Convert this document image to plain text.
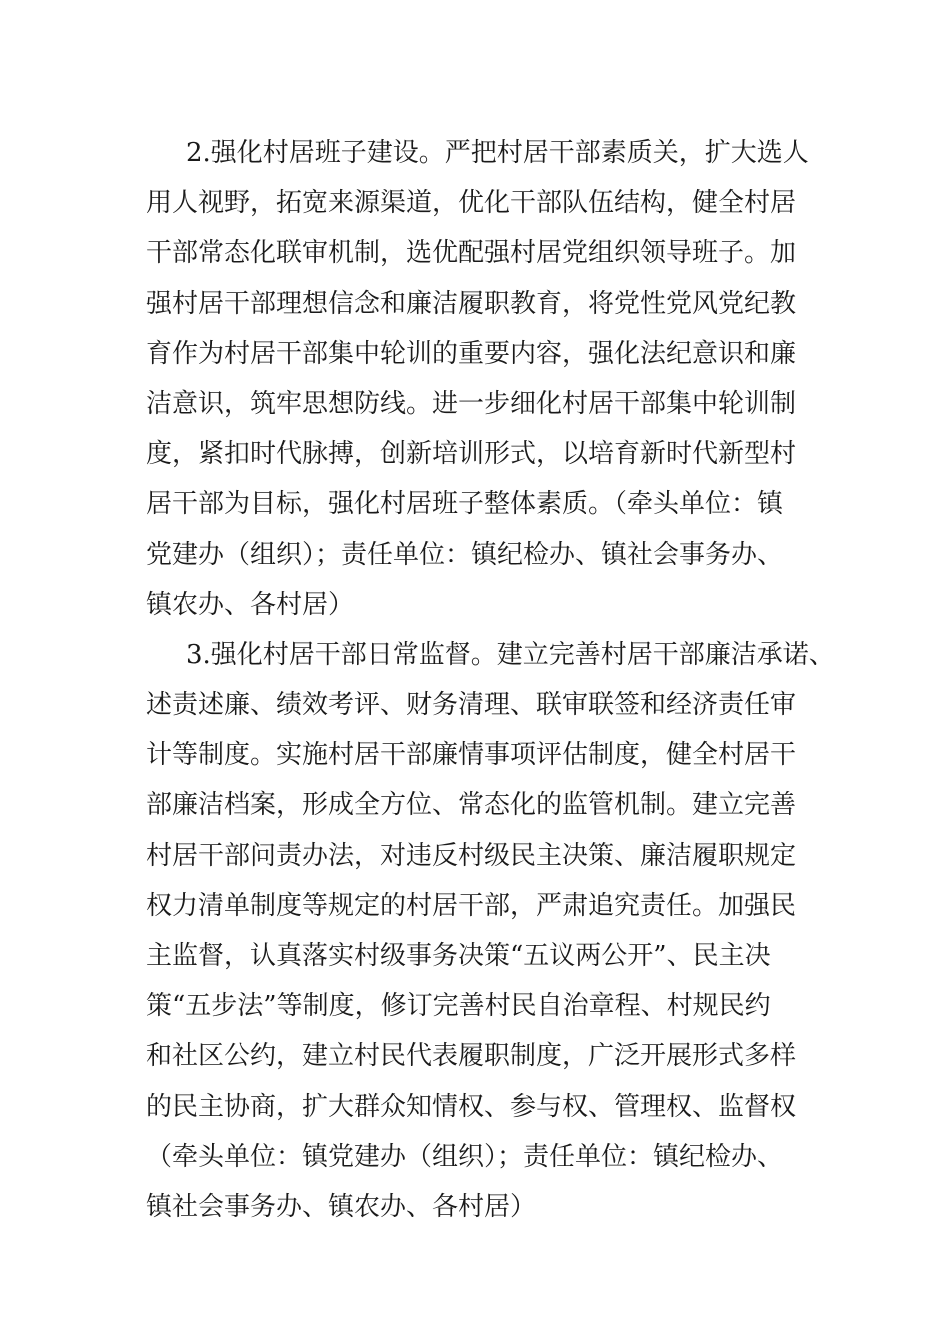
2.强化村居班子建设。严把村居干部素质关，扩大选人
用人视野，拓宽来源渠道，优化干部队伍结构，健全村居
干部常态化联审机制，选优配强村居党组织领导班子。加
强村居干部理想信念和廉洁履职教育，将党性党风党纪教
育作为村居干部集中轮训的重要内容，强化法纪意识和廉
洁意识，筑牢思想防线。进一步细化村居干部集中轮训制
度，紧扣时代脉搏，创新培训形式，以培育新时代新型村
居干部为目标，强化村居班子整体素质。（牵头单位：镇
党建办（组织）；责任单位：镇纪检办、镇社会事务办、
镇农办、各村居）
3.强化村居干部日常监督。建立完善村居干部廉洁承诺、
述责述廉、绩效考评、财务清理、联审联签和经济责任审
计等制度。实施村居干部廉情事项评估制度，健全村居干
部廉洁档案，形成全方位、常态化的监管机制。建立完善
村居干部问责办法，对违反村级民主决策、廉洁履职规定
权力清单制度等规定的村居干部，严肃追究责任。加强民
主监督，认真落实村级事务决策“五议两公开”、民主决
策“五步法”等制度，修订完善村民自治章程、村规民约
和社区公约，建立村民代表履职制度，广泛开展形式多样
的民主协商，扩大群众知情权、参与权、管理权、监督权
（牵头单位：镇党建办（组织）；责任单位：镇纪检办、
镇社会事务办、镇农办、各村居）
